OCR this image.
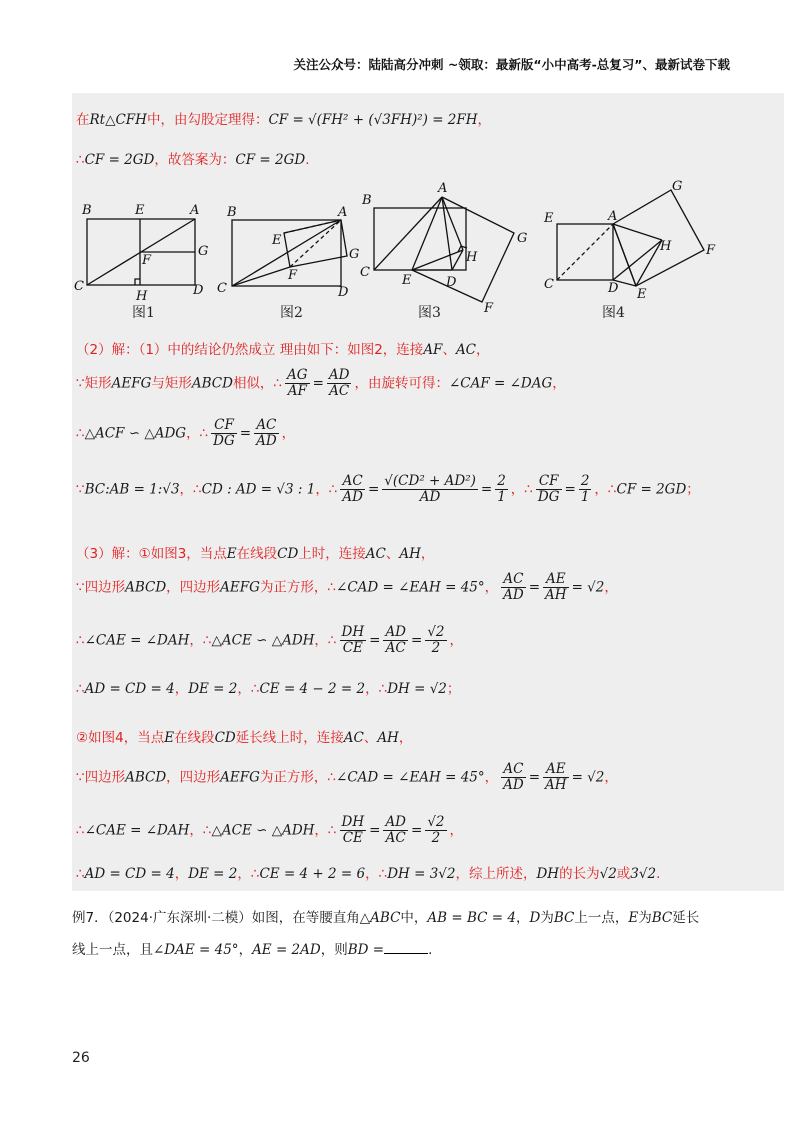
关注公众号：陆陆高分冲刺 ~领取：最新版“小中高考-总复习”、最新试卷下载
在Rt△CFH中，由勾股定理得：CF = √(FH² + (√3FH)²) = 2FH，
∴CF = 2GD，故答案为：CF = 2GD.
B	E	A
G
F
C
H	D
B	A
E
G
F
C	D
B
A
G
C
E
H
D
F
G
E	A
H	F
C	D E
图1	图2	图3	图4
（2）解：（1）中的结论仍然成立 理由如下：如图2，连接AF、AC，
∵矩形AEFG与矩形ABCD相似，∴ $\frac{AG}{AF} = \frac{AD}{AC}$ ，由旋转可得：∠CAF = ∠DAG，
∴△ACF ∽ △ADG，∴ $\frac{CF}{DG} = \frac{AC}{AD}$ ，
∵BC:AB = 1:√3，∴CD : AD = √3 : 1，∴ $\frac{AC}{AD} = \frac{\text{√(CD² + AD²)}}{AD} = \frac{2}{1}$ ，∴ $\frac{CF}{DG} = \frac{2}{1}$ ，∴CF = 2GD；
（3）解：①如图3，当点E在线段CD上时，连接AC、AH，
∵四边形ABCD，四边形AEFG为正方形，∴∠CAD = ∠EAH = 45°， $\frac{AC}{AD} = \frac{AE}{AH} = √2$，
∴∠CAE = ∠DAH，∴△ACE ∽ △ADH，∴ $\frac{DH}{CE} = \frac{AD}{AC} = \frac{√2}{2}$ ，
∴AD = CD = 4，DE = 2，∴CE = 4 − 2 = 2，∴DH = √2；
②如图4，当点E在线段CD延长线上时，连接AC、AH，
∵四边形ABCD，四边形AEFG为正方形，∴∠CAD = ∠EAH = 45°， $\frac{AC}{AD} = \frac{AE}{AH} = √2$，
∴∠CAE = ∠DAH，∴△ACE ∽ △ADH，∴ $\frac{DH}{CE} = \frac{AD}{AC} = \frac{√2}{2}$ ，
∴AD = CD = 4，DE = 2，∴CE = 4 + 2 = 6，∴DH = 3√2，综上所述，DH的长为√2或3√2.
例7．（2024·广东深圳·二模）如图，在等腰直角△ABC中，AB = BC = 4，D为BC上一点，E为BC延长
线上一点，且∠DAE = 45°，AE = 2AD，则BD =	.
26
